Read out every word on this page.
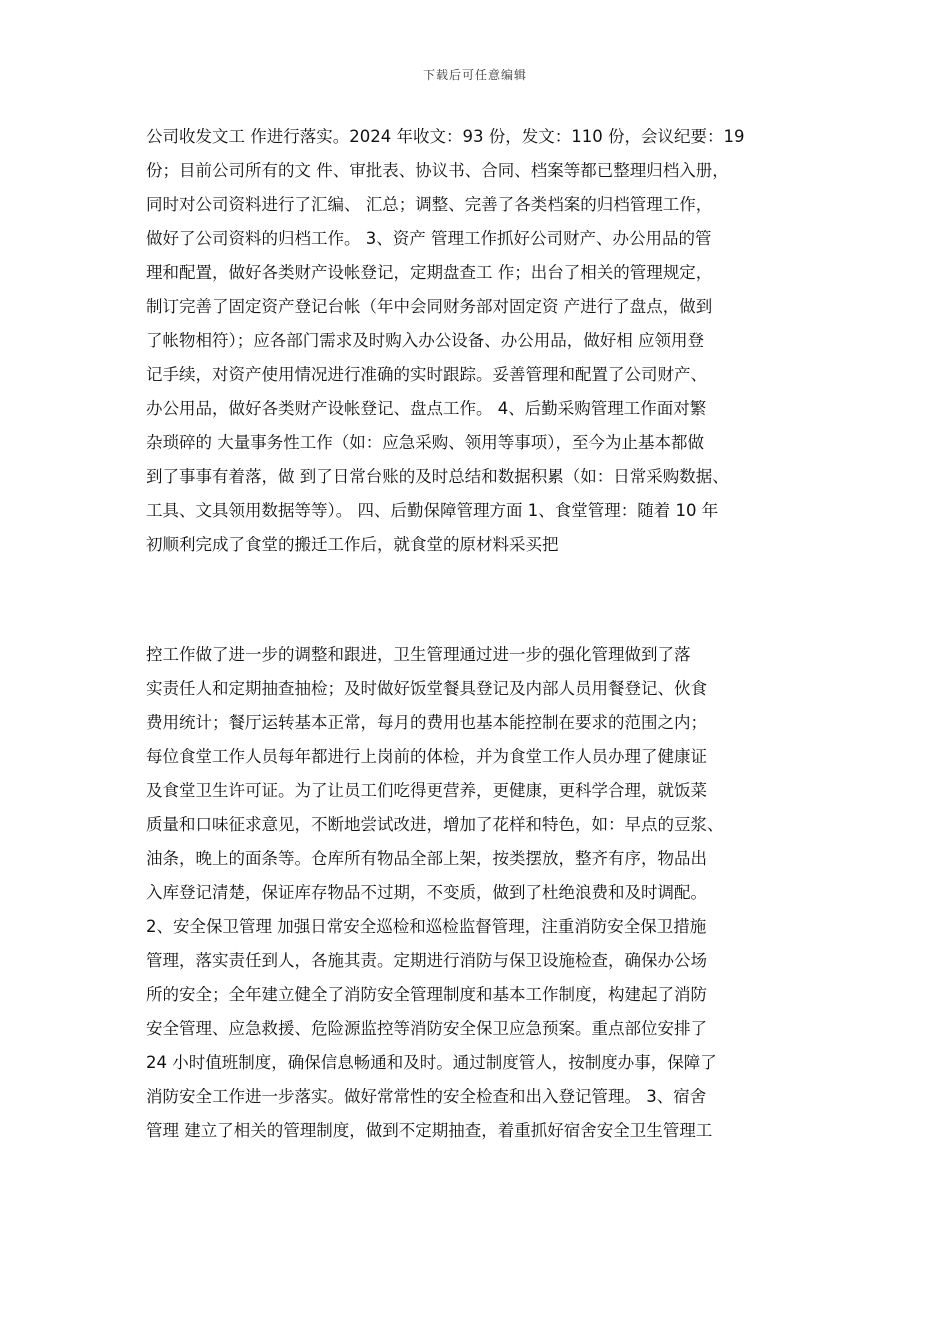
下载后可任意编辑
公司收发文工 作进行落实。2024 年收文：93 份，发文：110 份，会议纪要：19
份；目前公司所有的文 件、审批表、协议书、合同、档案等都已整理归档入册，
同时对公司资料进行了汇编、 汇总；调整、完善了各类档案的归档管理工作，
做好了公司资料的归档工作。 3、资产 管理工作抓好公司财产、办公用品的管
理和配置，做好各类财产设帐登记，定期盘查工 作；出台了相关的管理规定，
制订完善了固定资产登记台帐（年中会同财务部对固定资 产进行了盘点，做到
了帐物相符）；应各部门需求及时购入办公设备、办公用品，做好相 应领用登
记手续，对资产使用情况进行准确的实时跟踪。妥善管理和配置了公司财产、
办公用品，做好各类财产设帐登记、盘点工作。 4、后勤采购管理工作面对繁
杂琐碎的 大量事务性工作（如：应急采购、领用等事项），至今为止基本都做
到了事事有着落，做 到了日常台账的及时总结和数据积累（如：日常采购数据、
工具、文具领用数据等等）。 四、后勤保障管理方面 1、食堂管理：随着 10 年
初顺利完成了食堂的搬迁工作后，就食堂的原材料采买把
控工作做了进一步的调整和跟进，卫生管理通过进一步的强化管理做到了落
实责任人和定期抽查抽检；及时做好饭堂餐具登记及内部人员用餐登记、伙食
费用统计；餐厅运转基本正常，每月的费用也基本能控制在要求的范围之内；
每位食堂工作人员每年都进行上岗前的体检，并为食堂工作人员办理了健康证
及食堂卫生许可证。为了让员工们吃得更营养，更健康，更科学合理，就饭菜
质量和口味征求意见，不断地尝试改进，增加了花样和特色，如：早点的豆浆、
油条，晚上的面条等。仓库所有物品全部上架，按类摆放，整齐有序，物品出
入库登记清楚，保证库存物品不过期，不变质，做到了杜绝浪费和及时调配。
2、安全保卫管理 加强日常安全巡检和巡检监督管理，注重消防安全保卫措施
管理，落实责任到人，各施其责。定期进行消防与保卫设施检查，确保办公场
所的安全；全年建立健全了消防安全管理制度和基本工作制度，构建起了消防
安全管理、应急救援、危险源监控等消防安全保卫应急预案。重点部位安排了
24 小时值班制度，确保信息畅通和及时。通过制度管人，按制度办事，保障了
消防安全工作进一步落实。做好常常性的安全检查和出入登记管理。 3、宿舍
管理 建立了相关的管理制度，做到不定期抽查，着重抓好宿舍安全卫生管理工
